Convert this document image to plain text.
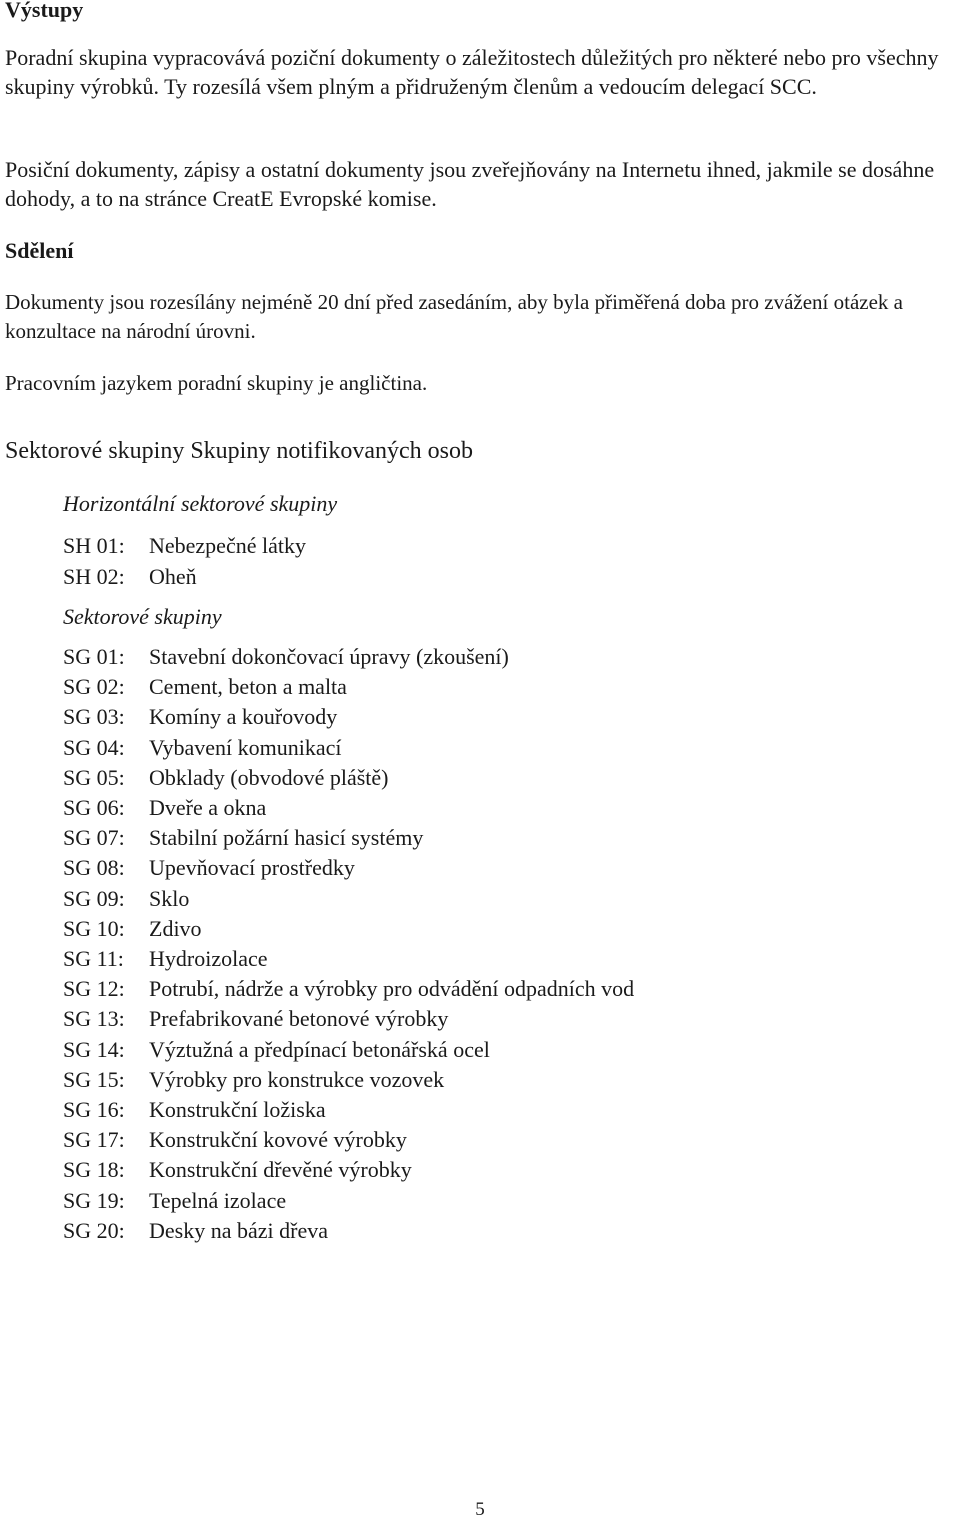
Výstupy

Poradní skupina vypracovává poziční dokumenty o záležitostech důležitých pro některé nebo pro všechny skupiny výrobků. Ty rozesílá všem plným a přidruženým členům a vedoucím delegací SCC.

Posiční dokumenty, zápisy a ostatní dokumenty jsou zveřejňovány na Internetu ihned, jakmile se dosáhne dohody, a to na stránce CreatE Evropské komise.

Sdělení

Dokumenty jsou rozesílány nejméně 20 dní před zasedáním, aby byla přiměřená doba pro zvážení otázek a konzultace na národní úrovni.

Pracovním jazykem poradní skupiny je angličtina.

Sektorové skupiny Skupiny notifikovaných osob

Horizontální sektorové skupiny

SH 01:	Nebezpečné látky
SH 02:	Oheň

Sektorové skupiny

SG 01:	Stavební dokončovací úpravy (zkoušení)
SG 02:	Cement, beton a malta
SG 03:	Komíny a kouřovody
SG 04:	Vybavení komunikací
SG 05:	Obklady (obvodové pláště)
SG 06:	Dveře a okna
SG 07:	Stabilní požární hasicí systémy
SG 08:	Upevňovací prostředky
SG 09:	Sklo
SG 10:	Zdivo
SG 11:	Hydroizolace
SG 12:	Potrubí, nádrže a výrobky pro odvádění odpadních vod
SG 13:	Prefabrikované betonové výrobky
SG 14:	Výztužná a předpínací betonářská ocel
SG 15:	Výrobky pro konstrukce vozovek
SG 16:	Konstrukční ložiska
SG 17:	Konstrukční kovové výrobky
SG 18:	Konstrukční dřevěné výrobky
SG 19:	Tepelná izolace
SG 20:	Desky na bázi dřeva
5
